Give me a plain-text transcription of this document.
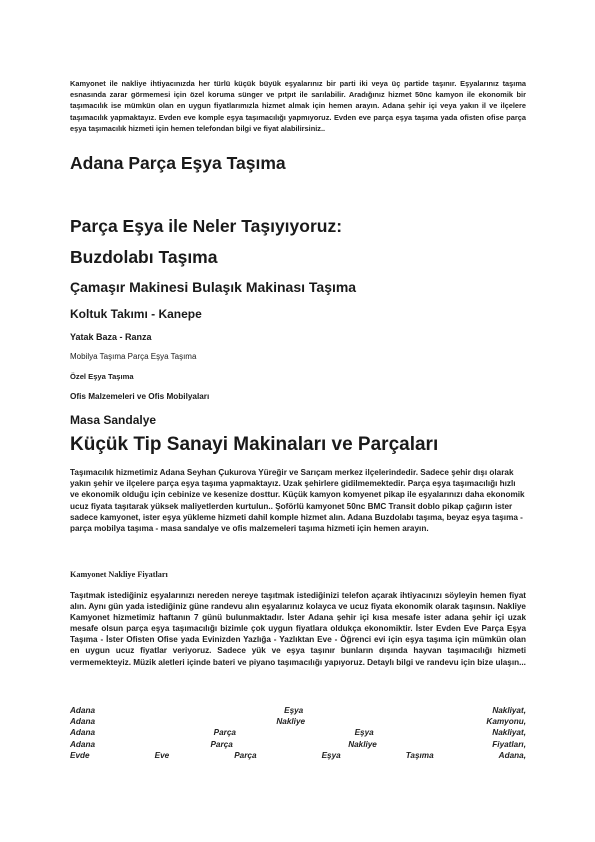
Kamyonet ile nakliye ihtiyacınızda her türlü küçük büyük eşyalarınız bir parti iki veya üç partide taşınır. Eşyalarınız taşıma esnasında zarar görmemesi için özel koruma sünger ve pıtpıt ile sarılabilir. Aradığınız hizmet 50nc kamyon ile ekonomik bir taşımacılık ise mümkün olan en uygun fiyatlarımızla hizmet almak için hemen arayın. Adana şehir içi veya yakın il ve ilçelere taşımacılık yapmaktayız. Evden eve komple eşya taşımacılığı yapmıyoruz. Evden eve parça eşya taşıma yada ofisten ofise parça eşya taşımacılık hizmeti için hemen telefondan bilgi ve fiyat alabilirsiniz..

Adana Parça Eşya Taşıma
Parça Eşya ile Neler Taşıyıyoruz:
Buzdolabı Taşıma
Çamaşır Makinesi Bulaşık Makinası Taşıma
Koltuk Takımı - Kanepe
Yatak Baza - Ranza
Mobilya Taşıma Parça Eşya Taşıma
Özel Eşya Taşıma
Ofis Malzemeleri ve Ofis Mobilyaları
Masa Sandalye
Küçük Tip Sanayi Makinaları ve Parçaları

Taşımacılık hizmetimiz Adana Seyhan Çukurova Yüreğir ve Sarıçam merkez ilçelerindedir. Sadece şehir dışı olarak yakın şehir ve ilçelere parça eşya taşıma yapmaktayız. Uzak şehirlere gidilmemektedir. Parça eşya taşımacılığı hızlı ve ekonomik olduğu için cebinize ve kesenize dosttur. Küçük kamyon komyenet pikap ile eşyalarınızı daha ekonomik ucuz fiyata taşıtarak yüksek maliyetlerden kurtulun.. Şoförlü kamyonet 50nc BMC Transit doblo pikap çağırın ister sadece kamyonet, ister eşya yükleme hizmeti dahil komple hizmet alın. Adana Buzdolabı taşıma, beyaz eşya taşıma - parça mobilya taşıma - masa sandalye ve ofis malzemeleri taşıma hizmeti için hemen arayın.

Kamyonet Nakliye Fiyatları

Taşıtmak istediğiniz eşyalarınızı nereden nereye taşıtmak istediğinizi telefon açarak ihtiyacınızı söyleyin hemen fiyat alın. Aynı gün yada istediğiniz güne randevu alın eşyalarınız kolayca ve ucuz fiyata ekonomik olarak taşınsın. Nakliye Kamyonet hizmetimiz haftanın 7 günü bulunmaktadır. İster Adana şehir içi kısa mesafe ister adana şehir içi uzak mesafe olsun parça eşya taşımacılığı bizimle çok uygun fiyatlara oldukça ekonomiktir. İster Evden Eve Parça Eşya Taşıma - İster Ofisten Ofise yada Evinizden Yazlığa - Yazlıktan Eve - Öğrenci evi için eşya taşıma için mümkün olan en uygun ucuz fiyatlar veriyoruz. Sadece yük ve eşya taşınır bunların dışında hayvan taşımacılığı hizmeti vermemekteyiz. Müzik aletleri içinde bateri ve piyano taşımacılığı yapıyoruz. Detaylı bilgi ve randevu için bize ulaşın...

Adana	Eşya	Nakliyat,
Adana	Nakliye	Kamyonu,
Adana	Parça	Eşya	Nakliyat,
Adana	Parça	Nakliye	Fiyatları,
Evde	Eve	Parça	Eşya	Taşıma	Adana,
